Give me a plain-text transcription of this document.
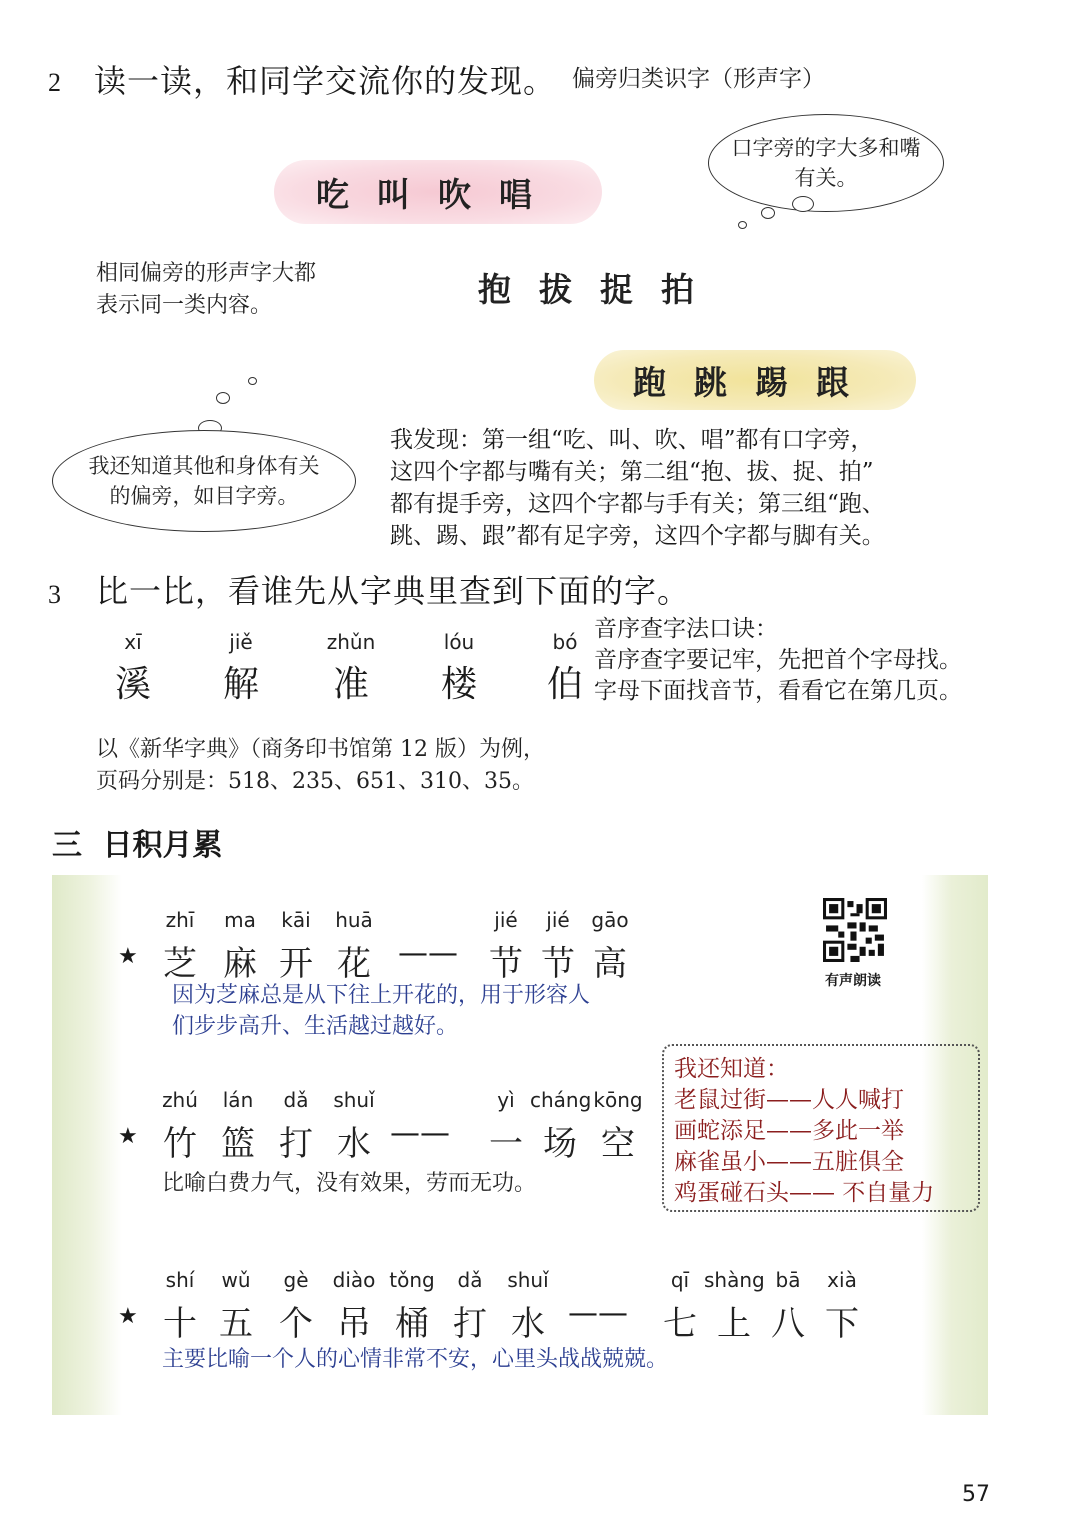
2 读一读，和同学交流你的发现。 偏旁归类识字（形声字）
口字旁的字大多和嘴有关。
吃 叫 吹 唱
相同偏旁的形声字大都
表示同一类内容。	抱 拔 捉 拍
跑 跳 踢 跟
我还知道其他和身体有关的偏旁，如目字旁。
我发现：第一组“吃、叫、吹、唱”都有口字旁，
这四个字都与嘴有关；第二组“抱、拔、捉、拍”
都有提手旁，这四个字都与手有关；第三组“跑、
跳、踢、跟”都有足字旁，这四个字都与脚有关。
3 比一比，看谁先从字典里查到下面的字。
xī
溪
jiě
解
zhǔn
准
lóu
楼
bó
伯
音序查字法口诀：
音序查字要记牢，先把首个字母找。
字母下面找音节，看看它在第几页。
以《新华字典》（商务印书馆第 12 版）为例，
页码分别是：518、235、651、310、35。
三 日积月累
有声朗读
★
zhī
芝
ma
麻
kāi
开
huā
花
jié
节
jié
节
gāo
高
——
因为芝麻总是从下往上开花的，用于形容人
们步步高升、生活越过越好。
★
zhú
竹
lán
篮
dǎ
打
shuǐ
水
yì
一
cháng
场
kōng
空
——
比喻白费力气，没有效果，劳而无功。
★
shí
十
wǔ
五
gè
个
diào
吊
tǒng
桶
dǎ
打
shuǐ
水
qī
七
shàng
上
bā
八
xià
下
——
主要比喻一个人的心情非常不安，心里头战战兢兢。
我还知道：
老鼠过街——人人喊打
画蛇添足——多此一举
麻雀虽小——五脏俱全
鸡蛋碰石头—— 不自量力
57
